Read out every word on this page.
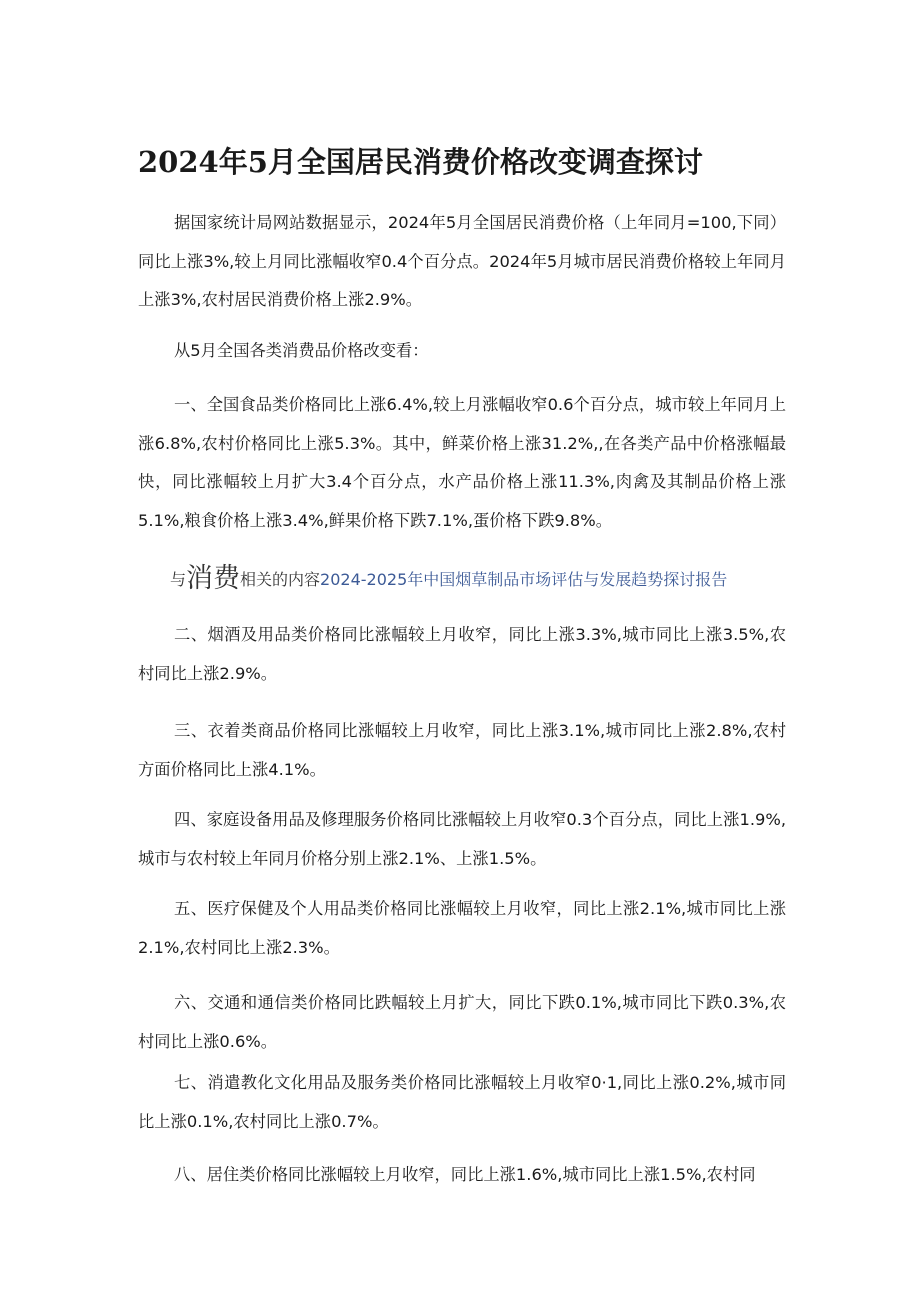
2024年5月全国居民消费价格改变调查探讨

据国家统计局网站数据显示，2024年5月全国居民消费价格（上年同月=100,下同）同比上涨3%,较上月同比涨幅收窄0.4个百分点。2024年5月城市居民消费价格较上年同月上涨3%,农村居民消费价格上涨2.9%。

从5月全国各类消费品价格改变看：

一、全国食品类价格同比上涨6.4%,较上月涨幅收窄0.6个百分点，城市较上年同月上涨6.8%,农村价格同比上涨5.3%。其中，鲜菜价格上涨31.2%,,在各类产品中价格涨幅最快，同比涨幅较上月扩大3.4个百分点，水产品价格上涨11.3%,肉禽及其制品价格上涨5.1%,粮食价格上涨3.4%,鲜果价格下跌7.1%,蛋价格下跌9.8%。

与消费相关的内容2024-2025年中国烟草制品市场评估与发展趋势探讨报告

二、烟酒及用品类价格同比涨幅较上月收窄，同比上涨3.3%,城市同比上涨3.5%,农村同比上涨2.9%。

三、衣着类商品价格同比涨幅较上月收窄，同比上涨3.1%,城市同比上涨2.8%,农村方面价格同比上涨4.1%。

四、家庭设备用品及修理服务价格同比涨幅较上月收窄0.3个百分点，同比上涨1.9%,城市与农村较上年同月价格分别上涨2.1%、上涨1.5%。

五、医疗保健及个人用品类价格同比涨幅较上月收窄，同比上涨2.1%,城市同比上涨2.1%,农村同比上涨2.3%。

六、交通和通信类价格同比跌幅较上月扩大，同比下跌0.1%,城市同比下跌0.3%,农村同比上涨0.6%。

七、消遣教化文化用品及服务类价格同比涨幅较上月收窄0·1,同比上涨0.2%,城市同比上涨0.1%,农村同比上涨0.7%。

八、居住类价格同比涨幅较上月收窄，同比上涨1.6%,城市同比上涨1.5%,农村同
